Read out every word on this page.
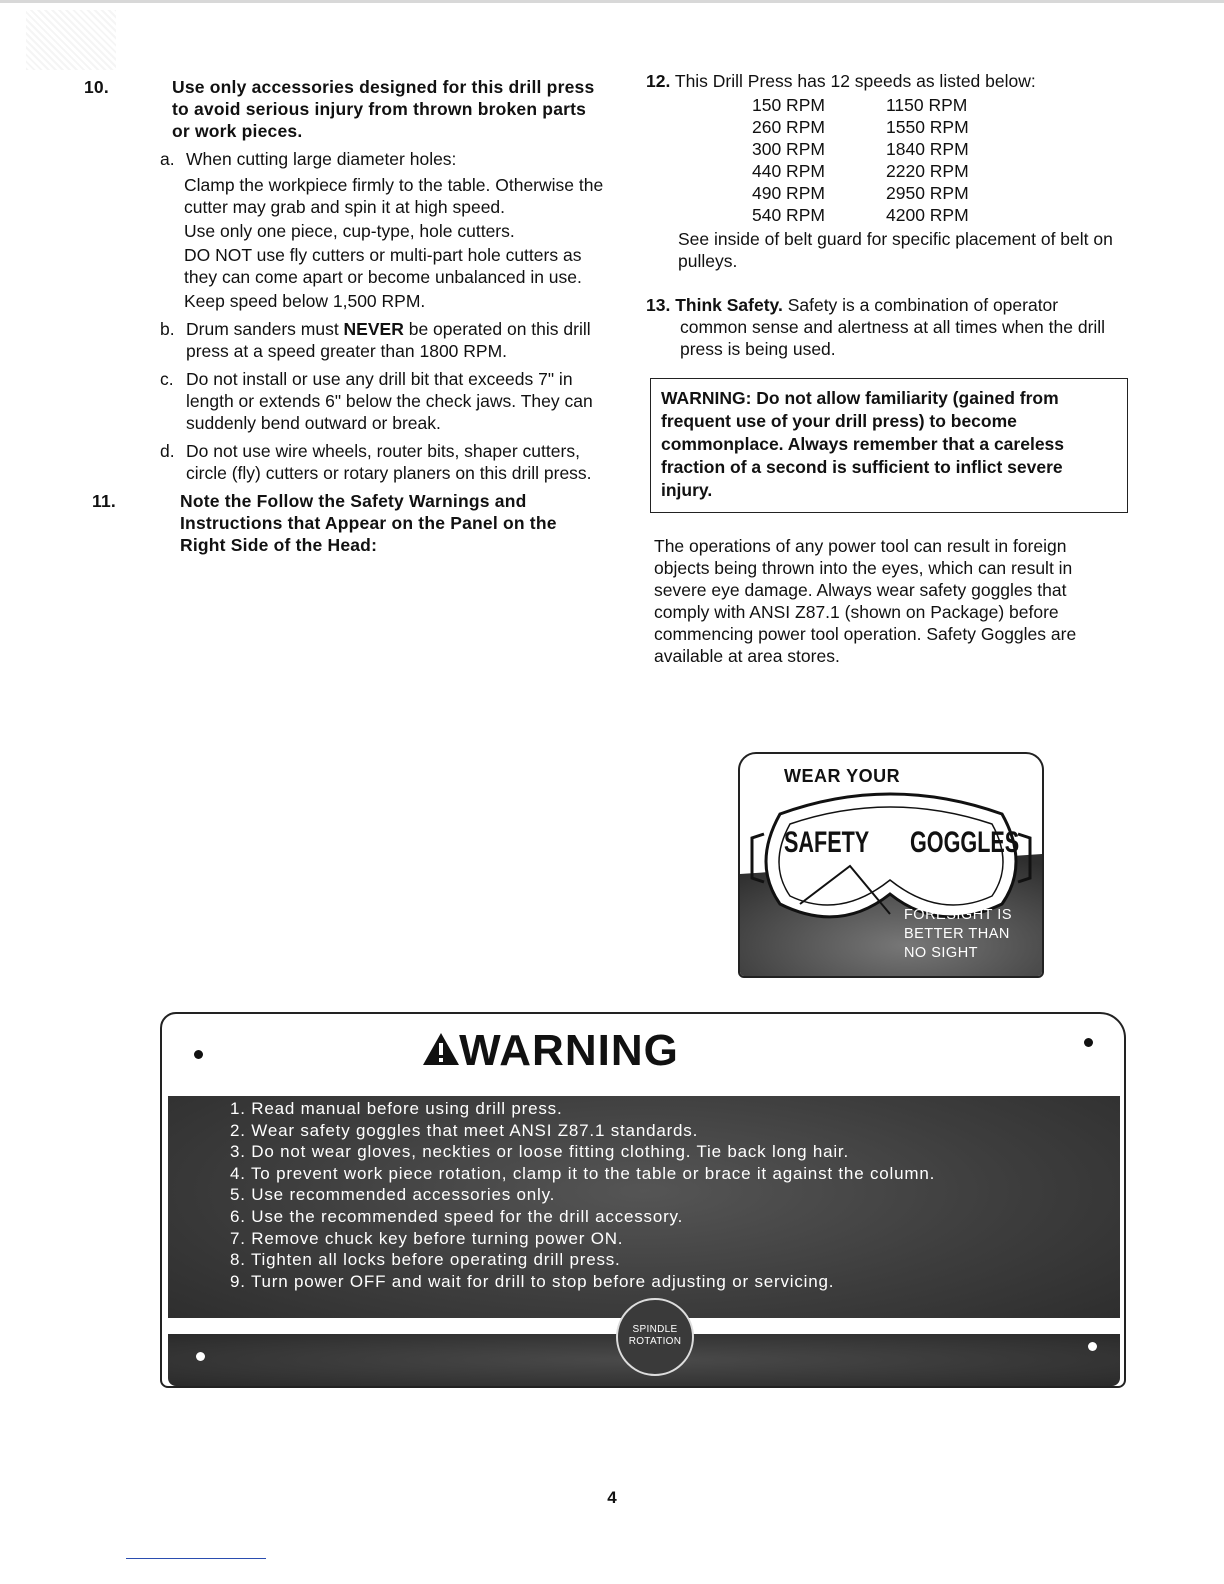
10.	Use only accessories designed for this drill press to avoid serious injury from thrown broken parts or work pieces.
a. When cutting large diameter holes:
Clamp the workpiece firmly to the table. Otherwise the cutter may grab and spin it at high speed.
Use only one piece, cup-type, hole cutters.
DO NOT use fly cutters or multi-part hole cutters as they can come apart or become unbalanced in use.
Keep speed below 1,500 RPM.
b. Drum sanders must NEVER be operated on this drill press at a speed greater than 1800 RPM.
c. Do not install or use any drill bit that exceeds 7" in length or extends 6" below the check jaws. They can suddenly bend outward or break.
d. Do not use wire wheels, router bits, shaper cutters, circle (fly) cutters or rotary planers on this drill press.
11.	Note the Follow the Safety Warnings and Instructions that Appear on the Panel on the Right Side of the Head:
12. This Drill Press has 12 speeds as listed below:
150 RPM	1150 RPM
260 RPM	1550 RPM
300 RPM	1840 RPM
440 RPM	2220 RPM
490 RPM	2950 RPM
540 RPM	4200 RPM
See inside of belt guard for specific placement of belt on pulleys.
13. Think Safety. Safety is a combination of operator common sense and alertness at all times when the drill press is being used.
WARNING: Do not allow familiarity (gained from frequent use of your drill press) to become commonplace. Always remember that a careless fraction of a second is sufficient to inflict severe injury.
The operations of any power tool can result in foreign objects being thrown into the eyes, which can result in severe eye damage. Always wear safety goggles that comply with ANSI Z87.1 (shown on Package) before commencing power tool operation. Safety Goggles are available at area stores.
WEAR YOUR
SAFETY GOGGLES
FORESIGHT IS
BETTER THAN
NO SIGHT
WARNING
1. Read manual before using drill press.
2. Wear safety goggles that meet ANSI Z87.1 standards.
3. Do not wear gloves, neckties or loose fitting clothing. Tie back long hair.
4. To prevent work piece rotation, clamp it to the table or brace it against the column.
5. Use recommended accessories only.
6. Use the recommended speed for the drill accessory.
7. Remove chuck key before turning power ON.
8. Tighten all locks before operating drill press.
9. Turn power OFF and wait for drill to stop before adjusting or servicing.
SPINDLE
ROTATION
4
